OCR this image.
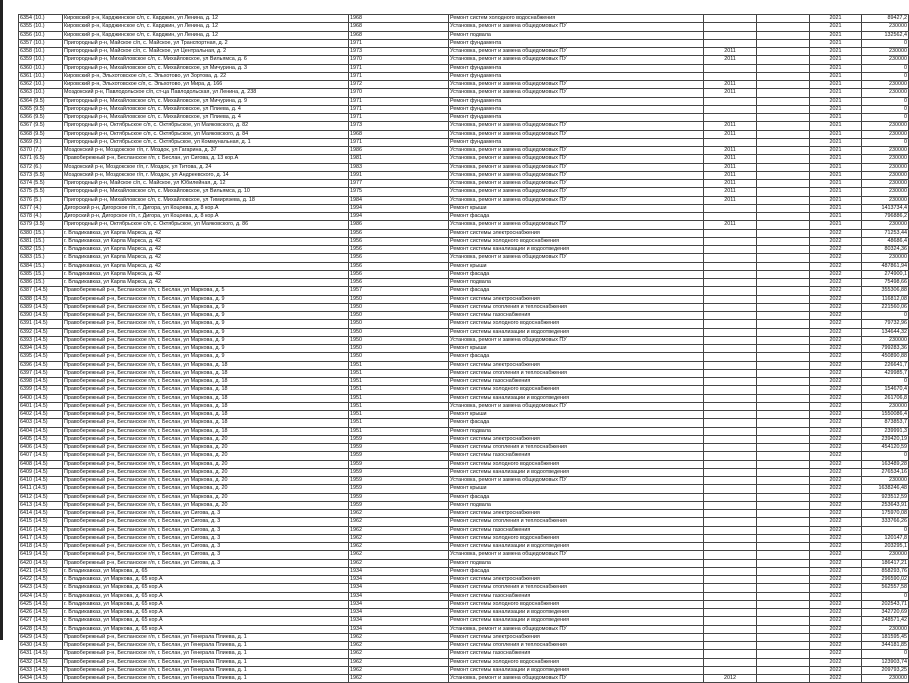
6354 (10.)	Кировский р-н, Карджинское с/п, с. Карджин, ул Ленина, д. 12	1968	Ремонт систем холодного водоснабжения			2021	89427,2
6355 (10.)	Кировский р-н, Карджинское с/п, с. Карджин, ул Ленина, д. 12	1968	Установка, ремонт и замена общедомовых ПУ			2021	230000
6356 (10.)	Кировский р-н, Карджинское с/п, с. Карджин, ул Ленина, д. 12	1968	Ремонт подвала			2021	132562,4
6357 (10.)	Пригородный р-н, Майское с/п, с. Майское, ул Транспортная, д. 2	1971	Ремонт фундамента			2021	0
6358 (10.)	Пригородный р-н, Майское с/п, с. Майское, ул Центральная, д. 2	1973	Установка, ремонт и замена общедомовых ПУ	2011		2021	230000
6359 (10.)	Пригородный р-н, Михайловское с/п, с. Михайловское, ул Вильямса, д. 6	1970	Установка, ремонт и замена общедомовых ПУ	2011		2021	230000
6360 (10.)	Пригородный р-н, Михайловское с/п, с. Михайловское, ул Мичурина, д. 3	1971	Ремонт фундамента			2021	0
6361 (10.)	Кировский р-н, Эльхотовское с/п, с. Эльхотово, ул Зортова, д. 22	1971	Ремонт фундамента			2021	0
6362 (10.)	Кировский р-н, Эльхотовское с/п, с. Эльхотово, ул Мира, д. 166	1972	Установка, ремонт и замена общедомовых ПУ	2011		2021	230000
6363 (10.)	Моздокский р-н, Павлодольское с/п, ст-ца Павлодольская, ул Ленина, д. 238	1970	Установка, ремонт и замена общедомовых ПУ	2011		2021	230000
6364 (9.5)	Пригородный р-н, Михайловское с/п, с. Михайловское, ул Мичурина, д. 9	1971	Ремонт фундамента			2021	0
6365 (9.5)	Пригородный р-н, Михайловское с/п, с. Михайловское, ул Плиева, д. 4	1971	Ремонт фундамента			2021	0
6366 (9.5)	Пригородный р-н, Михайловское с/п, с. Михайловское, ул Плиева, д. 4	1971	Ремонт фундамента			2021	0
6367 (9.5)	Пригородный р-н, Октябрьское с/п, с. Октябрьское, ул Маяковского, д. 82	1973	Установка, ремонт и замена общедомовых ПУ	2011		2021	230000
6368 (9.5)	Пригородный р-н, Октябрьское с/п, с. Октябрьское, ул Маяковского, д. 84	1968	Установка, ремонт и замена общедомовых ПУ	2011		2021	230000
6369 (9.)	Пригородный р-н, Октябрьское с/п, с. Октябрьское, ул Коммунальная, д. 1	1971	Ремонт фундамента			2021	0
6370 (7.)	Моздокский р-н, Моздокское г/п, г. Моздок, ул Гагарина, д. 37	1986	Установка, ремонт и замена общедомовых ПУ	2011		2021	230000
6371 (6.5)	Правобережный р-н, Бесланское г/п, г. Беслан, ул Сигова, д. 13 кор.А	1981	Установка, ремонт и замена общедомовых ПУ	2011		2021	230000
6372 (6.)	Моздокский р-н, Моздокское г/п, г. Моздок, ул Титова, д. 24	1983	Установка, ремонт и замена общедомовых ПУ	2011		2021	230000
6373 (5.5)	Моздокский р-н, Моздокское г/п, г. Моздок, ул Андреевского, д. 14	1991	Установка, ремонт и замена общедомовых ПУ	2011		2021	230000
6374 (5.5)	Пригородный р-н, Майское с/п, с. Майское, ул Юбилейная, д. 12	1977	Установка, ремонт и замена общедомовых ПУ	2011		2021	230000
6375 (5.5)	Пригородный р-н, Михайловское с/п, с. Михайловское, ул Вильямса, д. 10	1975	Установка, ремонт и замена общедомовых ПУ	2011		2021	230000
6376 (5.)	Пригородный р-н, Михайловское с/п, с. Михайловское, ул Тимирязева, д. 18	1984	Установка, ремонт и замена общедомовых ПУ	2011		2021	230000
6377 (4.)	Дигорский р-н, Дигорское г/п, г. Дигора, ул Коцоева, д. 8 кор.А	1994	Ремонт крыши			2021	1413734,4
6378 (4.)	Дигорский р-н, Дигорское г/п, г. Дигора, ул Коцоева, д. 8 кор.А	1994	Ремонт фасада			2021	796886,2
6379 (3.5)	Пригородный р-н, Октябрьское с/п, с. Октябрьское, ул Маяковского, д. 86	1986	Установка, ремонт и замена общедомовых ПУ	2011		2021	230000
6380 (15.)	г. Владикавказ, ул Карла Маркса, д. 42	1956	Ремонт системы электроснабжения			2022	71253,44
6381 (15.)	г. Владикавказ, ул Карла Маркса, д. 42	1956	Ремонт системы холодного водоснабжения			2022	48686,4
6382 (15.)	г. Владикавказ, ул Карла Маркса, д. 42	1956	Ремонт системы канализации и водоотведения			2022	80324,36
6383 (15.)	г. Владикавказ, ул Карла Маркса, д. 42	1956	Установка, ремонт и замена общедомовых ПУ			2022	230000
6384 (15.)	г. Владикавказ, ул Карла Маркса, д. 42	1956	Ремонт крыши			2022	487861,94
6385 (15.)	г. Владикавказ, ул Карла Маркса, д. 42	1956	Ремонт фасада			2022	274900,1
6386 (15.)	г. Владикавказ, ул Карла Маркса, д. 42	1956	Ремонт подвала			2022	75498,66
6387 (14.5)	Правобережный р-н, Бесланское г/п, г. Беслан, ул Маркова, д. 5	1957	Ремонт фасада			2022	355306,88
6388 (14.5)	Правобережный р-н, Бесланское г/п, г. Беслан, ул Маркова, д. 9	1950	Ремонт системы электроснабжения			2022	116812,08
6389 (14.5)	Правобережный р-н, Бесланское г/п, г. Беслан, ул Маркова, д. 9	1950	Ремонт системы отопления и теплоснабжения			2022	221560,06
6390 (14.5)	Правобережный р-н, Бесланское г/п, г. Беслан, ул Маркова, д. 9	1950	Ремонт системы газоснабжения			2022	0
6391 (14.5)	Правобережный р-н, Бесланское г/п, г. Беслан, ул Маркова, д. 9	1950	Ремонт системы холодного водоснабжения			2022	79732,96
6392 (14.5)	Правобережный р-н, Бесланское г/п, г. Беслан, ул Маркова, д. 9	1950	Ремонт системы канализации и водоотведения			2022	134644,32
6393 (14.5)	Правобережный р-н, Бесланское г/п, г. Беслан, ул Маркова, д. 9	1950	Установка, ремонт и замена общедомовых ПУ			2022	230000
6394 (14.5)	Правобережный р-н, Бесланское г/п, г. Беслан, ул Маркова, д. 9	1950	Ремонт крыши			2022	799283,36
6395 (14.5)	Правобережный р-н, Бесланское г/п, г. Беслан, ул Маркова, д. 9	1950	Ремонт фасада			2022	450890,88
6396 (14.5)	Правобережный р-н, Бесланское г/п, г. Беслан, ул Маркова, д. 18	1951	Ремонт системы электроснабжения			2022	226641,7
6397 (14.5)	Правобережный р-н, Бесланское г/п, г. Беслан, ул Маркова, д. 18	1951	Ремонт системы отопления и теплоснабжения			2022	429985,7
6398 (14.5)	Правобережный р-н, Бесланское г/п, г. Беслан, ул Маркова, д. 18	1951	Ремонт системы газоснабжения			2022	0
6399 (14.5)	Правобережный р-н, Бесланское г/п, г. Беслан, ул Маркова, д. 18	1951	Ремонт системы холодного водоснабжения			2022	154670,4
6400 (14.5)	Правобережный р-н, Бесланское г/п, г. Беслан, ул Маркова, д. 18	1951	Ремонт системы канализации и водоотведения			2022	261706,8
6401 (14.5)	Правобережный р-н, Бесланское г/п, г. Беслан, ул Маркова, д. 18	1951	Установка, ремонт и замена общедомовых ПУ			2022	230000
6402 (14.5)	Правобережный р-н, Бесланское г/п, г. Беслан, ул Маркова, д. 18	1951	Ремонт крыши			2022	1550086,4
6403 (14.5)	Правобережный р-н, Бесланское г/п, г. Беслан, ул Маркова, д. 18	1951	Ремонт фасада			2022	873853,7
6404 (14.5)	Правобережный р-н, Бесланское г/п, г. Беслан, ул Маркова, д. 18	1951	Ремонт подвала			2022	239991,3
6405 (14.5)	Правобережный р-н, Бесланское г/п, г. Беслан, ул Маркова, д. 20	1959	Ремонт системы электроснабжения			2022	239420,19
6406 (14.5)	Правобережный р-н, Бесланское г/п, г. Беслан, ул Маркова, д. 20	1959	Ремонт системы отопления и теплоснабжения			2022	454120,59
6407 (14.5)	Правобережный р-н, Бесланское г/п, г. Беслан, ул Маркова, д. 20	1959	Ремонт системы газоснабжения			2022	0
6408 (14.5)	Правобережный р-н, Бесланское г/п, г. Беслан, ул Маркова, д. 20	1959	Ремонт системы холодного водоснабжения			2022	163489,28
6409 (14.5)	Правобережный р-н, Бесланское г/п, г. Беслан, ул Маркова, д. 20	1959	Ремонт системы канализации и водоотведения			2022	276534,16
6410 (14.5)	Правобережный р-н, Бесланское г/п, г. Беслан, ул Маркова, д. 20	1959	Установка, ремонт и замена общедомовых ПУ			2022	230000
6411 (14.5)	Правобережный р-н, Бесланское г/п, г. Беслан, ул Маркова, д. 20	1959	Ремонт крыши			2022	1638246,48
6412 (14.5)	Правобережный р-н, Бесланское г/п, г. Беслан, ул Маркова, д. 20	1959	Ремонт фасада			2022	923512,59
6413 (14.5)	Правобережный р-н, Бесланское г/п, г. Беслан, ул Маркова, д. 20	1959	Ремонт подвала			2022	253643,91
6414 (14.5)	Правобережный р-н, Бесланское г/п, г. Беслан, ул Сигова, д. 3	1962	Ремонт системы электроснабжения			2022	175970,08
6415 (14.5)	Правобережный р-н, Бесланское г/п, г. Беслан, ул Сигова, д. 3	1962	Ремонт системы отопления и теплоснабжения			2022	333766,26
6416 (14.5)	Правобережный р-н, Бесланское г/п, г. Беслан, ул Сигова, д. 3	1962	Ремонт системы газоснабжения			2022	0
6417 (14.5)	Правобережный р-н, Бесланское г/п, г. Беслан, ул Сигова, д. 3	1962	Ремонт системы холодного водоснабжения			2022	120147,8
6418 (14.5)	Правобережный р-н, Бесланское г/п, г. Беслан, ул Сигова, д. 3	1962	Ремонт системы канализации и водоотведения			2022	203295,1
6419 (14.5)	Правобережный р-н, Бесланское г/п, г. Беслан, ул Сигова, д. 3	1962	Установка, ремонт и замена общедомовых ПУ			2022	230000
6420 (14.5)	Правобережный р-н, Бесланское г/п, г. Беслан, ул Сигова, д. 3	1962	Ремонт подвала			2022	186417,21
6421 (14.5)	г. Владикавказ, ул Маркова, д. 65	1934	Ремонт фасада			2022	858293,76
6422 (14.5)	г. Владикавказ, ул Маркова, д. 65 кор.А	1934	Ремонт системы электроснабжения			2022	296590,02
6423 (14.5)	г. Владикавказ, ул Маркова, д. 65 кор.А	1934	Ремонт системы отопления и теплоснабжения			2022	562557,58
6424 (14.5)	г. Владикавказ, ул Маркова, д. 65 кор.А	1934	Ремонт системы газоснабжения			2022	0
6425 (14.5)	г. Владикавказ, ул Маркова, д. 65 кор.А	1934	Ремонт системы холодного водоснабжения			2022	202543,71
6426 (14.5)	г. Владикавказ, ул Маркова, д. 65 кор.А	1934	Ремонт системы канализации и водоотведения			2022	342720,69
6427 (14.5)	г. Владикавказ, ул Маркова, д. 65 кор.А	1934	Ремонт системы канализации и водоотведения			2022	248571,42
6428 (14.5)	г. Владикавказ, ул Маркова, д. 65 кор.А	1934	Установка, ремонт и замена общедомовых ПУ			2022	230000
6429 (14.5)	Правобережный р-н, Бесланское г/п, г. Беслан, ул Генерала Плиева, д. 1	1962	Ремонт системы электроснабжения			2022	181595,45
6430 (14.5)	Правобережный р-н, Бесланское г/п, г. Беслан, ул Генерала Плиева, д. 1	1962	Ремонт системы отопления и теплоснабжения			2022	344181,85
6431 (14.5)	Правобережный р-н, Бесланское г/п, г. Беслан, ул Генерала Плиева, д. 1	1962	Ремонт системы газоснабжения			2022	0
6432 (14.5)	Правобережный р-н, Бесланское г/п, г. Беслан, ул Генерала Плиева, д. 1	1962	Ремонт системы холодного водоснабжения			2022	123903,74
6433 (14.5)	Правобережный р-н, Бесланское г/п, г. Беслан, ул Генерала Плиева, д. 1	1962	Ремонт системы канализации и водоотведения			2022	209793,25
6434 (14.5)	Правобережный р-н, Бесланское г/п, г. Беслан, ул Генерала Плиева, д. 1	1962	Установка, ремонт и замена общедомовых ПУ	2012		2022	230000
